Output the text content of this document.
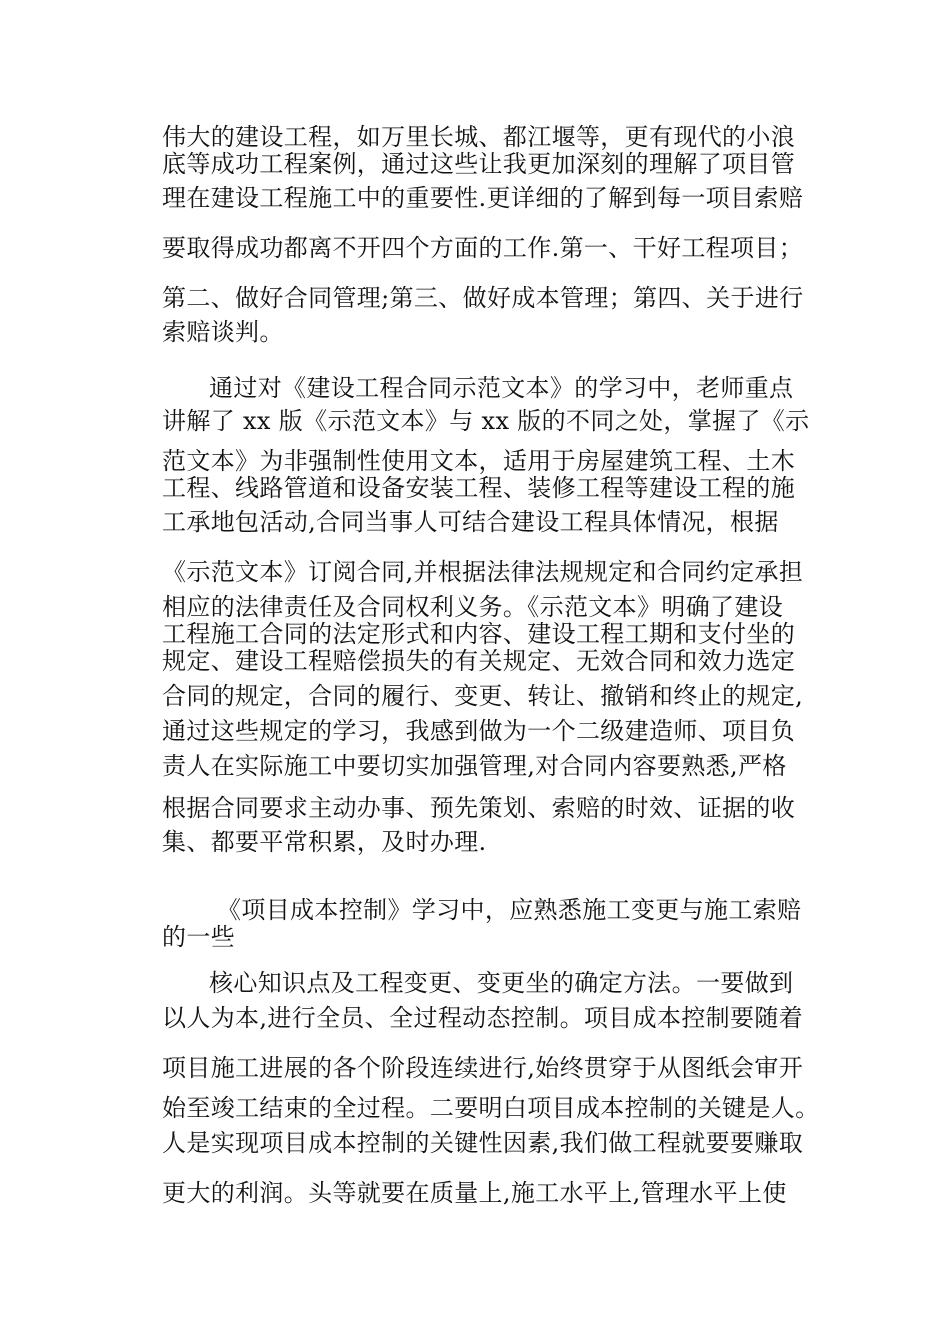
伟大的建设工程，如万里长城、都江堰等，更有现代的小浪
底等成功工程案例，通过这些让我更加深刻的理解了项目管
理在建设工程施工中的重要性.更详细的了解到每一项目索赔
要取得成功都离不开四个方面的工作.第一、干好工程项目；
第二、做好合同管理;第三、做好成本管理；第四、关于进行
索赔谈判。
通过对《建设工程合同示范文本》的学习中，老师重点
讲解了 xx 版《示范文本》与 xx 版的不同之处，掌握了《示
范文本》为非强制性使用文本，适用于房屋建筑工程、土木
工程、线路管道和设备安装工程、装修工程等建设工程的施
工承地包活动,合同当事人可结合建设工程具体情况，根据
《示范文本》订阅合同,并根据法律法规规定和合同约定承担
相应的法律责任及合同权利义务。《示范文本》明确了建设
工程施工合同的法定形式和内容、建设工程工期和支付坐的
规定、建设工程赔偿损失的有关规定、无效合同和效力选定
合同的规定，合同的履行、变更、转让、撤销和终止的规定,
通过这些规定的学习，我感到做为一个二级建造师、项目负
责人在实际施工中要切实加强管理,对合同内容要熟悉,严格
根据合同要求主动办事、预先策划、索赔的时效、证据的收
集、都要平常积累，及时办理.
《项目成本控制》学习中，应熟悉施工变更与施工索赔
的一些
核心知识点及工程变更、变更坐的确定方法。一要做到
以人为本,进行全员、全过程动态控制。项目成本控制要随着
项目施工进展的各个阶段连续进行,始终贯穿于从图纸会审开
始至竣工结束的全过程。二要明白项目成本控制的关键是人。
人是实现项目成本控制的关键性因素,我们做工程就要要赚取
更大的利润。头等就要在质量上,施工水平上,管理水平上使
